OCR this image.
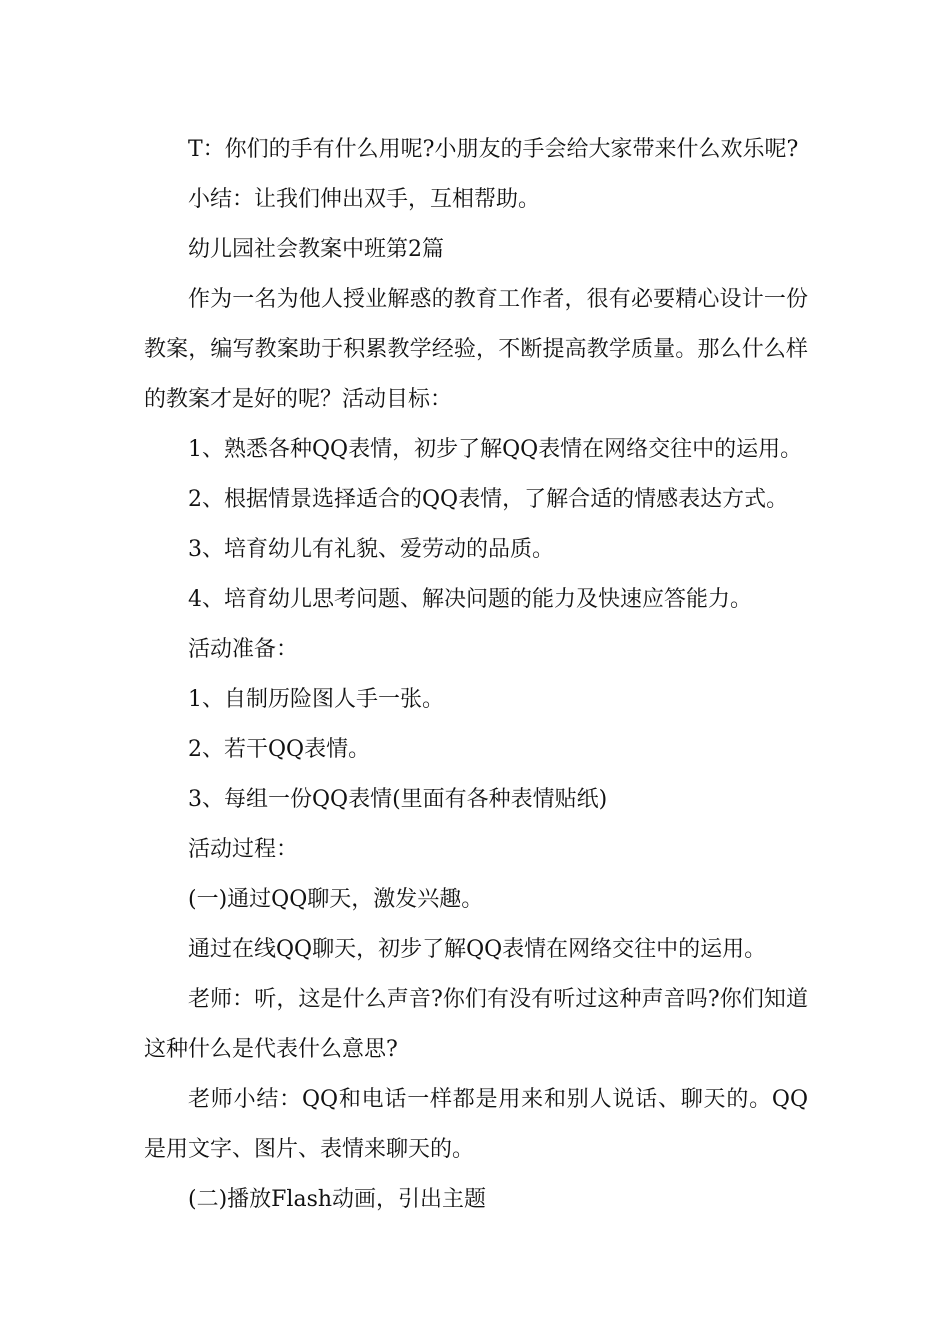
T：你们的手有什么用呢?小朋友的手会给大家带来什么欢乐呢?

小结：让我们伸出双手，互相帮助。

幼儿园社会教案中班第2篇

作为一名为他人授业解惑的教育工作者，很有必要精心设计一份教案，编写教案助于积累教学经验，不断提高教学质量。那么什么样的教案才是好的呢？活动目标：

1、熟悉各种QQ表情，初步了解QQ表情在网络交往中的运用。

2、根据情景选择适合的QQ表情，了解合适的情感表达方式。

3、培育幼儿有礼貌、爱劳动的品质。

4、培育幼儿思考问题、解决问题的能力及快速应答能力。

活动准备：

1、自制历险图人手一张。

2、若干QQ表情。

3、每组一份QQ表情(里面有各种表情贴纸)

活动过程：

(一)通过QQ聊天，激发兴趣。

通过在线QQ聊天，初步了解QQ表情在网络交往中的运用。

老师：听，这是什么声音?你们有没有听过这种声音吗?你们知道这种什么是代表什么意思?

老师小结：QQ和电话一样都是用来和别人说话、聊天的。QQ是用文字、图片、表情来聊天的。

(二)播放Flash动画，引出主题
